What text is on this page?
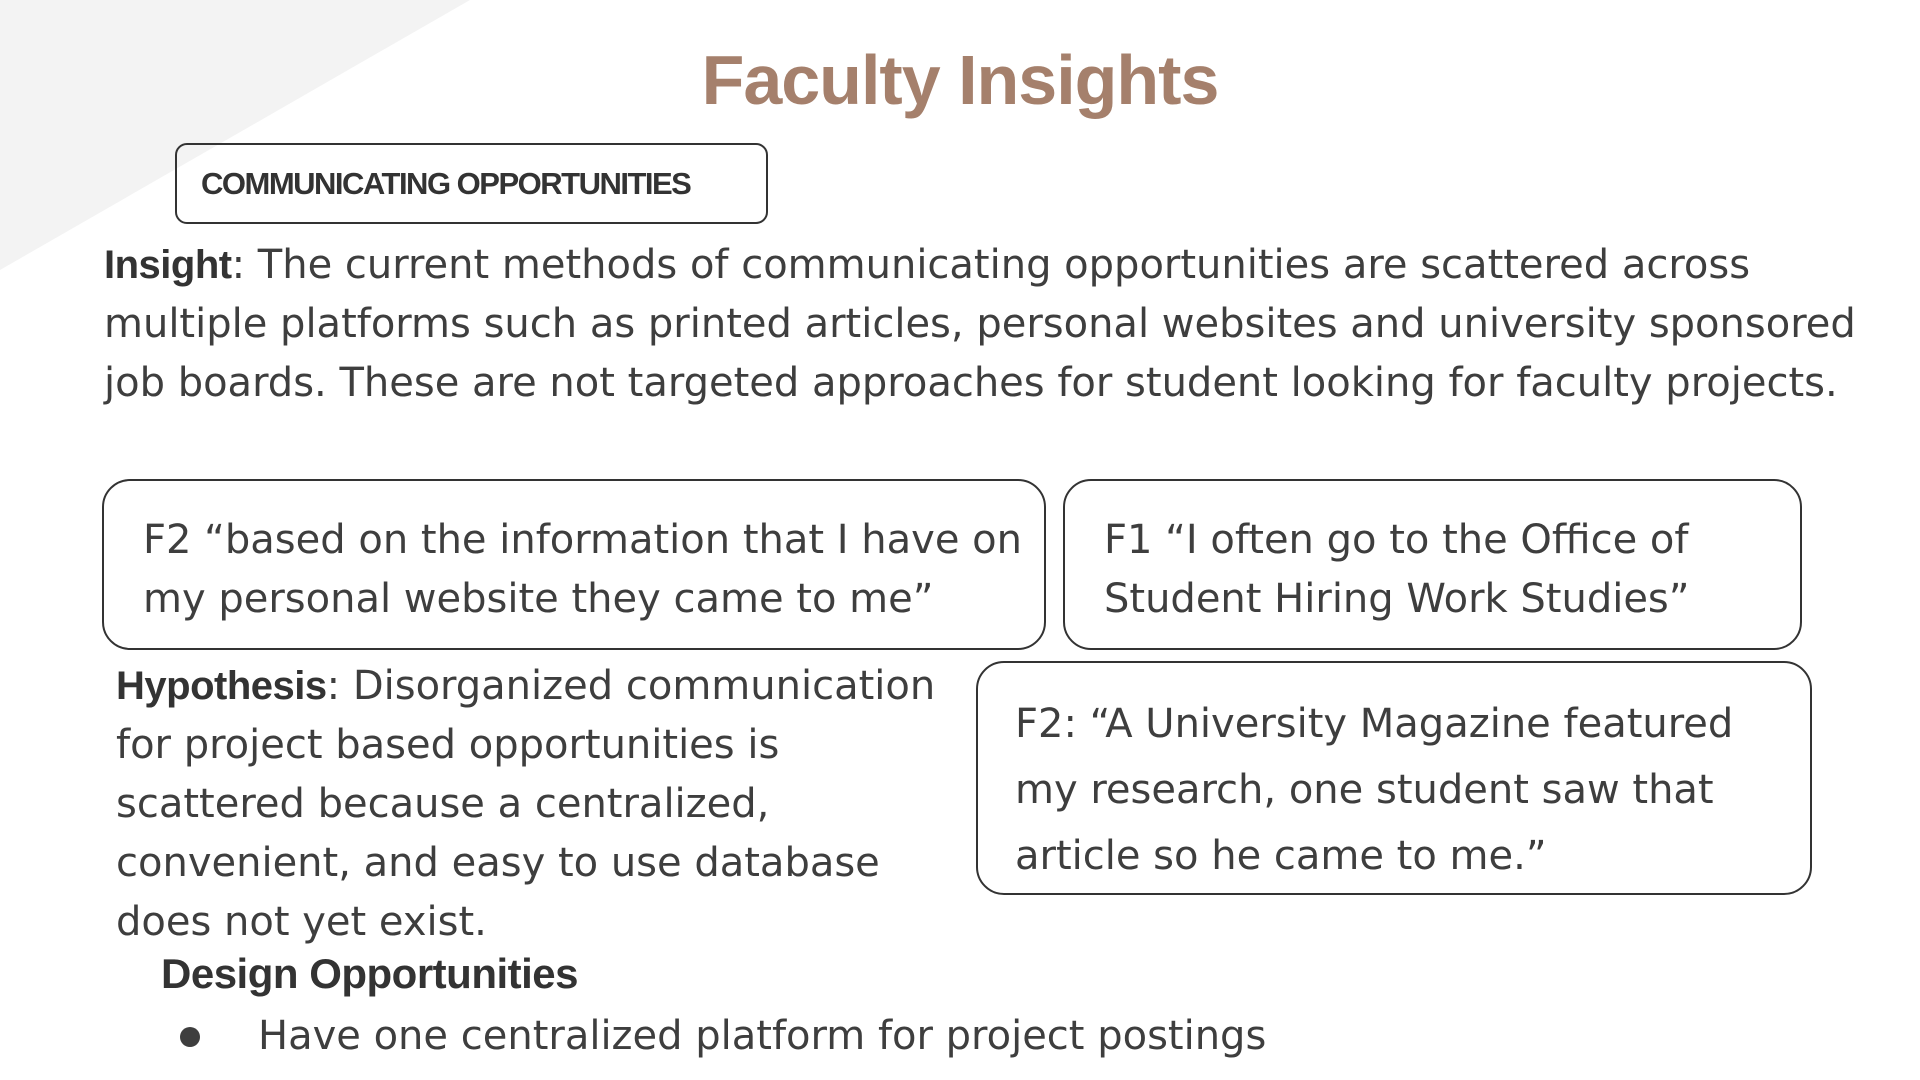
Faculty Insights
COMMUNICATING OPPORTUNITIES

Insight: The current methods of communicating opportunities are scattered across multiple platforms such as printed articles, personal websites and university sponsored job boards. These are not targeted approaches for student looking for faculty projects.

F2 “based on the information that I have on my personal website they came to me”
F1 “I often go to the Office of Student Hiring Work Studies”

Hypothesis: Disorganized communication for project based opportunities is scattered because a centralized, convenient, and easy to use database does not yet exist.

F2: “A University Magazine featured my research, one student saw that article so he came to me.”
Design Opportunities
Have one centralized platform for project postings
